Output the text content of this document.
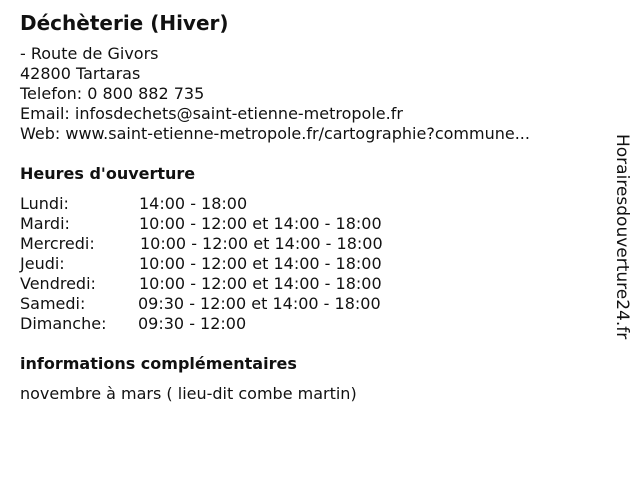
Déchèterie (Hiver)
- Route de Givors
42800 Tartaras
Telefon: 0 800 882 735
Email: infosdechets@saint-etienne-metropole.fr
Web: www.saint-etienne-metropole.fr/cartographie?commune...
Heures d'ouverture
Lundi:	14:00 - 18:00
Mardi:	10:00 - 12:00 et 14:00 - 18:00
Mercredi:	10:00 - 12:00 et 14:00 - 18:00
Jeudi:	10:00 - 12:00 et 14:00 - 18:00
Vendredi:	10:00 - 12:00 et 14:00 - 18:00
Samedi:	09:30 - 12:00 et 14:00 - 18:00
Dimanche: 09:30 - 12:00
informations complémentaires
novembre à mars ( lieu-dit combe martin)
Horairesdouverture24.fr
